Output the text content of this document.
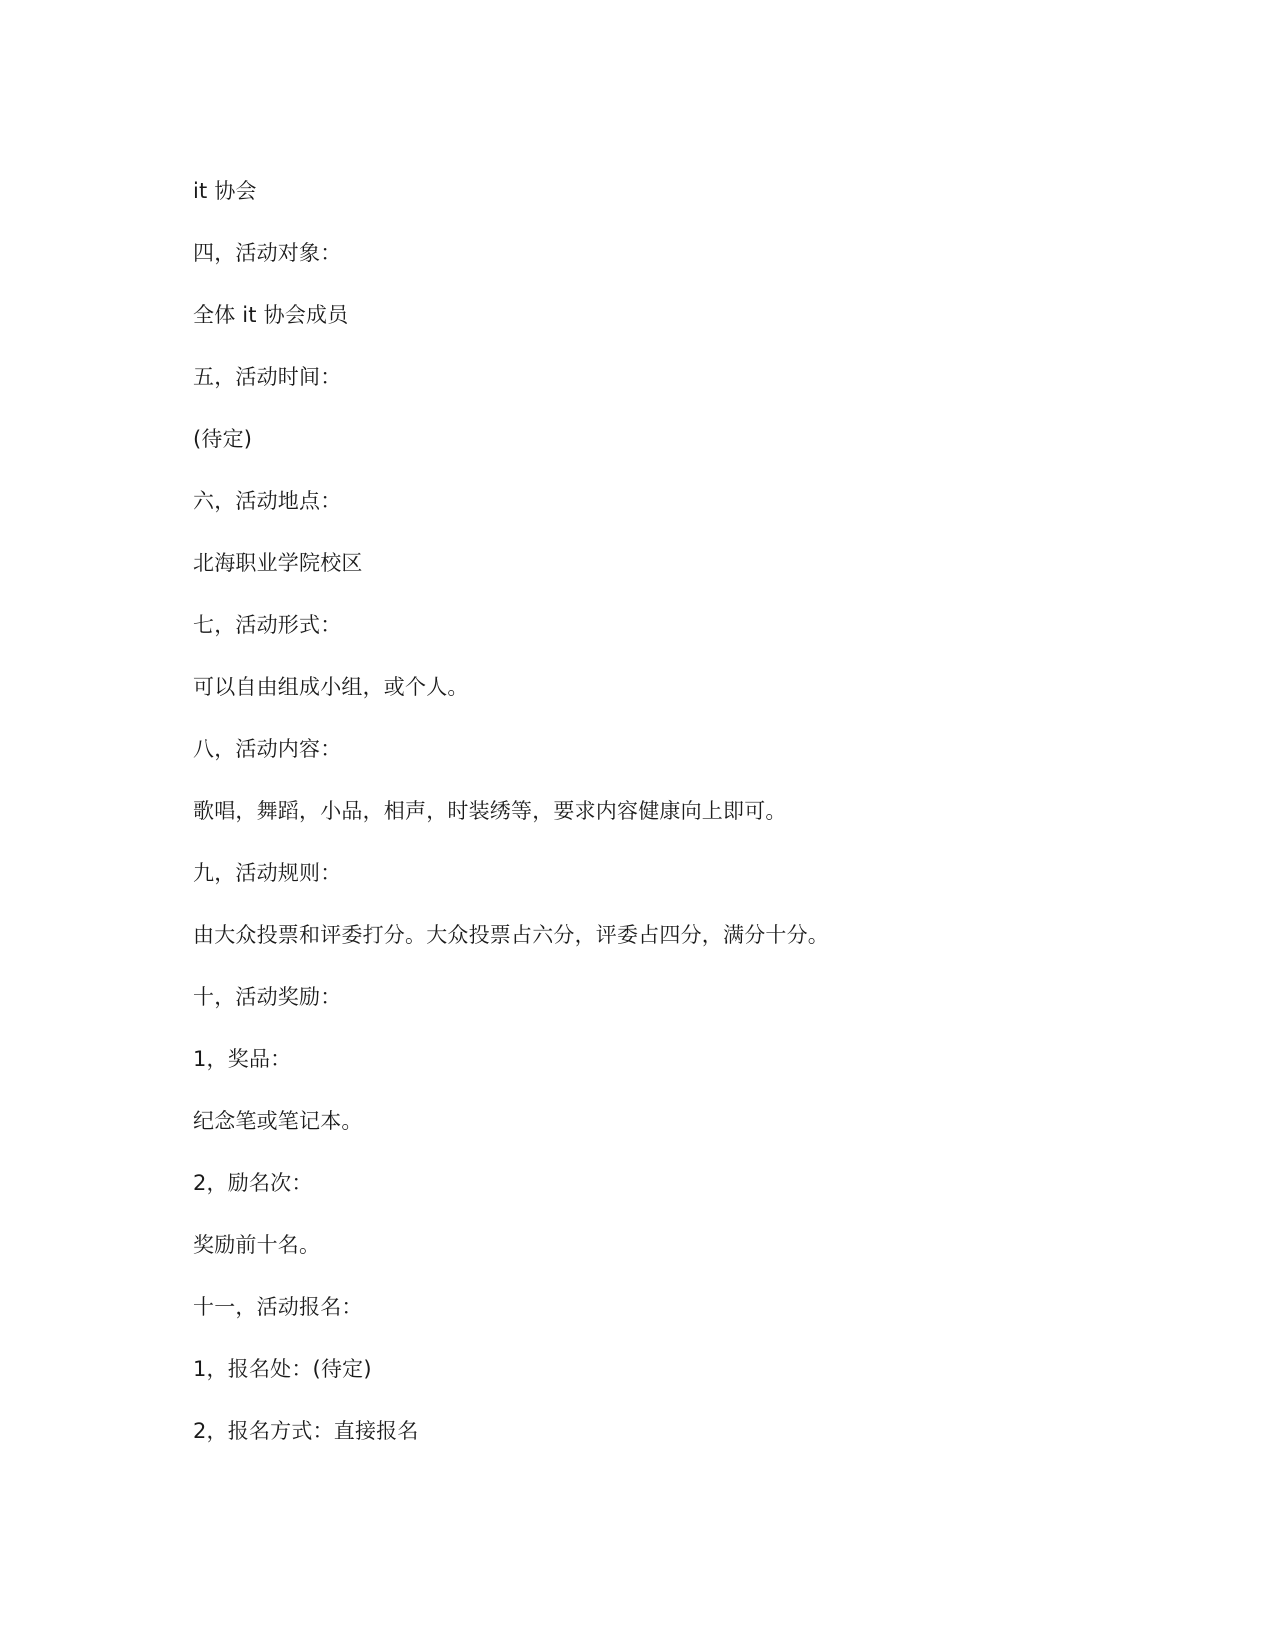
it 协会
四，活动对象：
全体 it 协会成员
五，活动时间：
(待定)
六，活动地点：
北海职业学院校区
七，活动形式：
可以自由组成小组，或个人。
八，活动内容：
歌唱，舞蹈，小品，相声，时装绣等，要求内容健康向上即可。
九，活动规则：
由大众投票和评委打分。大众投票占六分，评委占四分，满分十分。
十，活动奖励：
1，奖品：
纪念笔或笔记本。
2，励名次：
奖励前十名。
十一，活动报名：
1，报名处：(待定)
2，报名方式：直接报名
